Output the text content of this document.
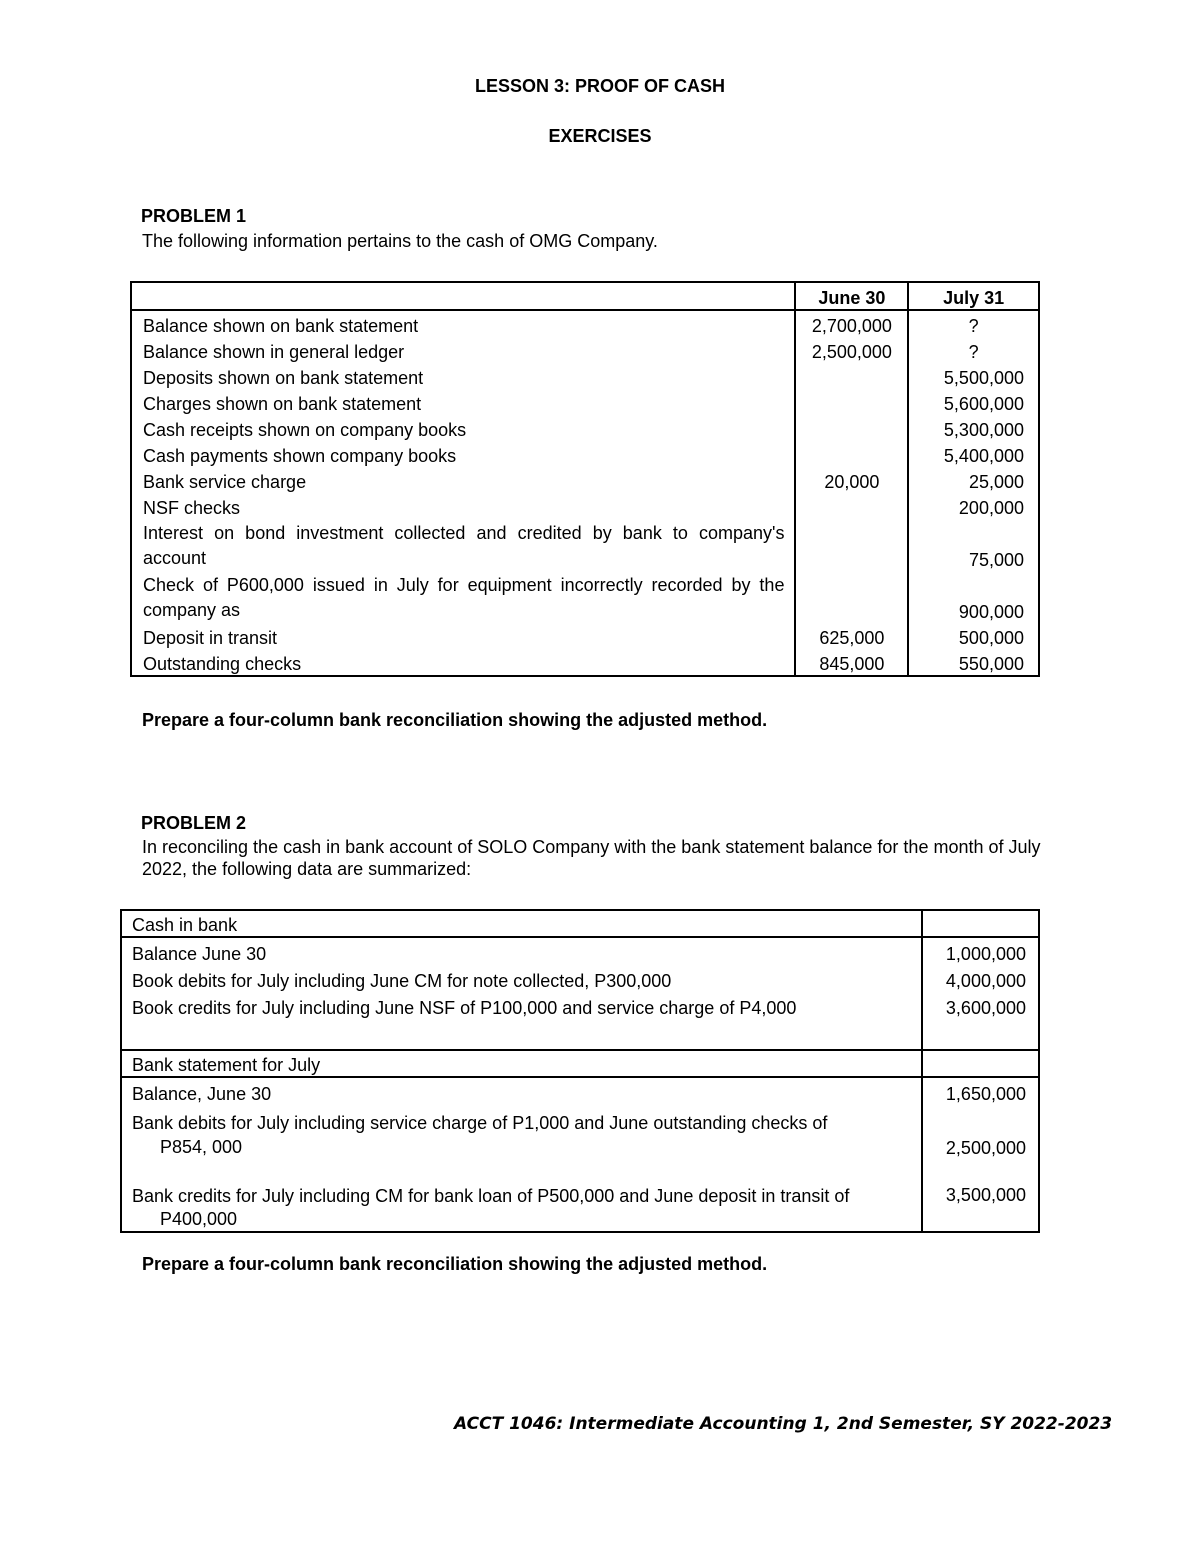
LESSON 3: PROOF OF CASH
EXERCISES
PROBLEM 1
The following information pertains to the cash of OMG Company.
	June 30	July 31
Balance shown on bank statement	2,700,000	?
Balance shown in general ledger	2,500,000	?
Deposits shown on bank statement		5,500,000
Charges shown on bank statement		5,600,000
Cash receipts shown on company books		5,300,000
Cash payments shown company books		5,400,000
Bank service charge	20,000	25,000
NSF checks		200,000

Interest on bond investment collected and credited by bank to company's account		75,000

Check of P600,000 issued in July for equipment incorrectly recorded by the company as		900,000
Deposit in transit	625,000	500,000
Outstanding checks	845,000	550,000
Prepare a four-column bank reconciliation showing the adjusted method.
PROBLEM 2
In reconciling the cash in bank account of SOLO Company with the bank statement balance for the month of July 2022, the following data are summarized:
Cash in bank	
Balance June 30	1,000,000
Book debits for July including June CM for note collected, P300,000	4,000,000
Book credits for July including June NSF of P100,000 and service charge of P4,000	3,600,000

Bank statement for July	
Balance, June 30	1,650,000

Bank debits for July including service charge of P1,000 and June outstanding checks of
P854, 000	2,500,000

Bank credits for July including CM for bank loan of P500,000 and June deposit in transit of
P400,000	3,500,000
Prepare a four-column bank reconciliation showing the adjusted method.
ACCT 1046: Intermediate Accounting 1, 2nd Semester, SY 2022-2023
